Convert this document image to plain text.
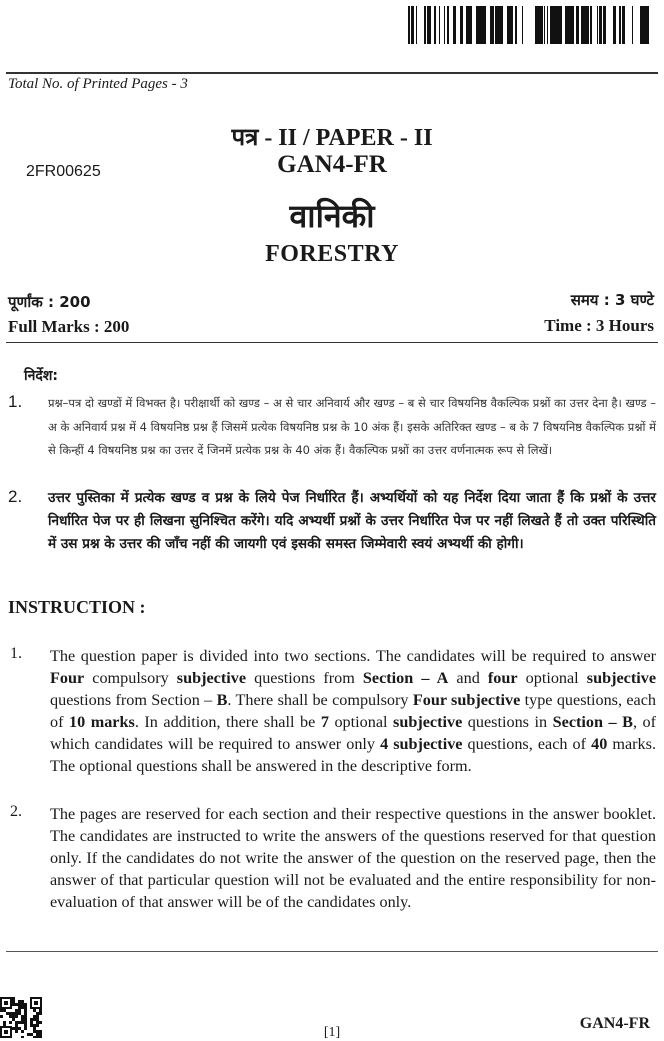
Total No. of Printed Pages - 3
पत्र - II / PAPER - II
2FR00625	GAN4-FR
वानिकी
FORESTRY
पूर्णांक : 200
Full Marks : 200
समय : 3 घण्टे
Time : 3 Hours
निर्देश:
1.	प्रश्न–पत्र दो खण्डों में विभक्त है। परीक्षार्थी को खण्ड – अ से चार अनिवार्य और खण्ड – ब से चार विषयनिष्ठ वैकल्पिक प्रश्नों का उत्तर देना है। खण्ड – अ के अनिवार्य प्रश्न में 4 विषयनिष्ठ प्रश्न हैं जिसमें प्रत्येक विषयनिष्ठ प्रश्न के 10 अंक हैं। इसके अतिरिक्त खण्ड – ब के 7 विषयनिष्ठ वैकल्पिक प्रश्नों में से किन्हीं 4 विषयनिष्ठ प्रश्न का उत्तर दें जिनमें प्रत्येक प्रश्न के 40 अंक हैं। वैकल्पिक प्रश्नों का उत्तर वर्णनात्मक रूप से लिखें।
2.	उत्तर पुस्तिका में प्रत्येक खण्ड व प्रश्न के लिये पेज निर्धारित हैं। अभ्यर्थियों को यह निर्देश दिया जाता हैं कि प्रश्नों के उत्तर निर्धारित पेज पर ही लिखना सुनिश्चित करेंगे। यदि अभ्यर्थी प्रश्नों के उत्तर निर्धारित पेज पर नहीं लिखते हैं तो उक्त परिस्थिति में उस प्रश्न के उत्तर की जाँच नहीं की जायगी एवं इसकी समस्त जिम्मेवारी स्वयं अभ्यर्थी की होगी।
INSTRUCTION :
1.	The question paper is divided into two sections. The candidates will be required to answer Four compulsory subjective questions from Section – A and four optional subjective questions from Section – B. There shall be compulsory Four subjective type questions, each of 10 marks. In addition, there shall be 7 optional subjective questions in Section – B, of which candidates will be required to answer only 4 subjective questions, each of 40 marks. The optional questions shall be answered in the descriptive form.
2.	The pages are reserved for each section and their respective questions in the answer booklet. The candidates are instructed to write the answers of the questions reserved for that question only. If the candidates do not write the answer of the question on the reserved page, then the answer of that particular question will not be evaluated and the entire responsibility for non-evaluation of that answer will be of the candidates only.
[1]
GAN4-FR
